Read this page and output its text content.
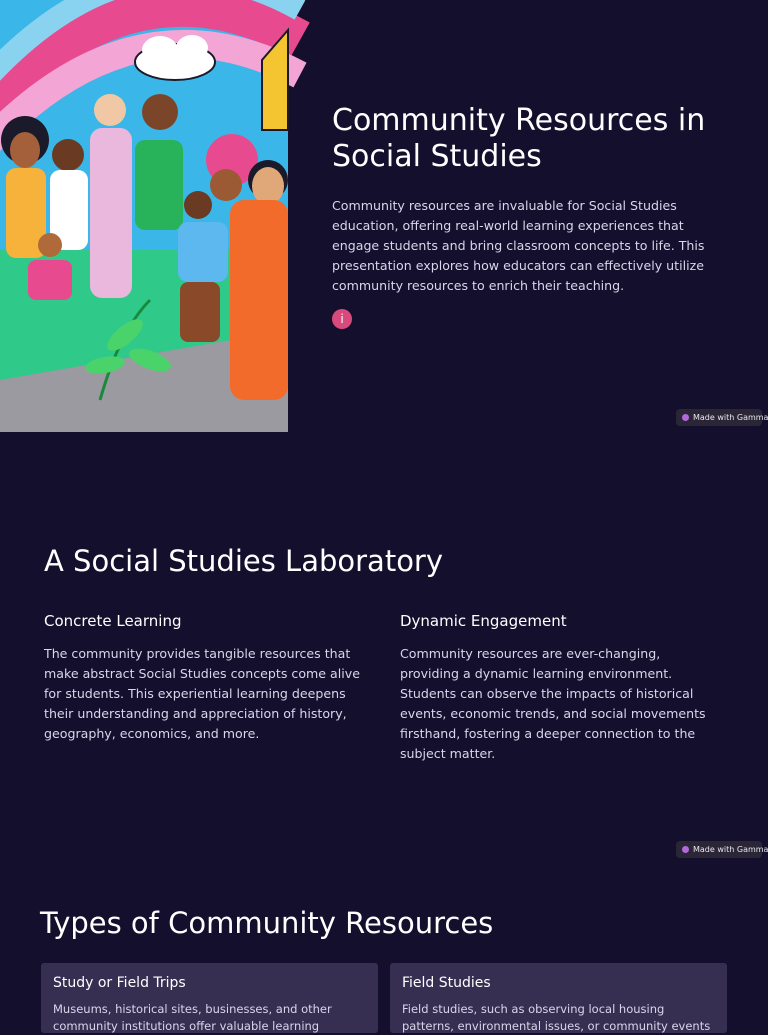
Community Resources in Social Studies

Community resources are invaluable for Social Studies education, offering real-world learning experiences that engage students and bring classroom concepts to life. This presentation explores how educators can effectively utilize community resources to enrich their teaching.

i
Made with Gamma
A Social Studies Laboratory
Concrete Learning

The community provides tangible resources that make abstract Social Studies concepts come alive for students. This experiential learning deepens their understanding and appreciation of history, geography, economics, and more.

Dynamic Engagement

Community resources are ever-changing, providing a dynamic learning environment. Students can observe the impacts of historical events, economic trends, and social movements firsthand, fostering a deeper connection to the subject matter.

Made with Gamma
Types of Community Resources
Study or Field Trips

Museums, historical sites, businesses, and other community institutions offer valuable learning

Field Studies

Field studies, such as observing local housing patterns, environmental issues, or community events
